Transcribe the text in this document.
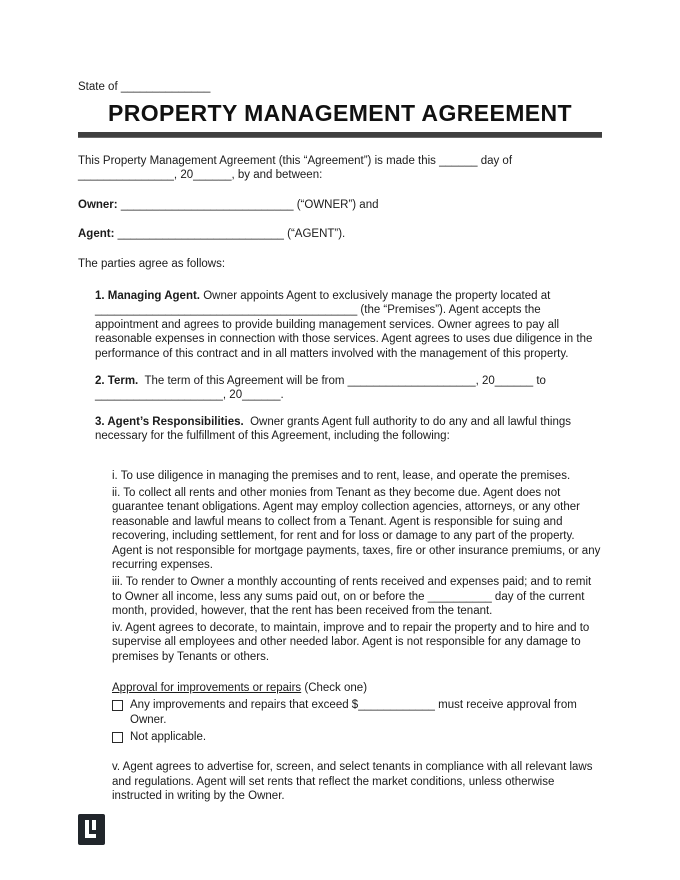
State of ______________
PROPERTY MANAGEMENT AGREEMENT

This Property Management Agreement (this “Agreement”) is made this ______ day of _______________, 20______, by and between:

Owner: ___________________________ (“OWNER”) and

Agent: __________________________ (“AGENT”).

The parties agree as follows:

1. Managing Agent. Owner appoints Agent to exclusively manage the property located at _________________________________________ (the “Premises”). Agent accepts the appointment and agrees to provide building management services. Owner agrees to pay all reasonable expenses in connection with those services. Agent agrees to uses due diligence in the performance of this contract and in all matters involved with the management of this property.

2. Term. The term of this Agreement will be from ____________________, 20______ to ____________________, 20______.

3. Agent’s Responsibilities. Owner grants Agent full authority to do any and all lawful things necessary for the fulfillment of this Agreement, including the following:

i. To use diligence in managing the premises and to rent, lease, and operate the premises.

ii. To collect all rents and other monies from Tenant as they become due. Agent does not guarantee tenant obligations. Agent may employ collection agencies, attorneys, or any other reasonable and lawful means to collect from a Tenant. Agent is responsible for suing and recovering, including settlement, for rent and for loss or damage to any part of the property. Agent is not responsible for mortgage payments, taxes, fire or other insurance premiums, or any recurring expenses.

iii. To render to Owner a monthly accounting of rents received and expenses paid; and to remit to Owner all income, less any sums paid out, on or before the __________ day of the current month, provided, however, that the rent has been received from the tenant.

iv. Agent agrees to decorate, to maintain, improve and to repair the property and to hire and to supervise all employees and other needed labor. Agent is not responsible for any damage to premises by Tenants or others.

Approval for improvements or repairs (Check one)

Any improvements and repairs that exceed $____________ must receive approval from Owner.
Not applicable.

v. Agent agrees to advertise for, screen, and select tenants in compliance with all relevant laws and regulations. Agent will set rents that reflect the market conditions, unless otherwise instructed in writing by the Owner.
